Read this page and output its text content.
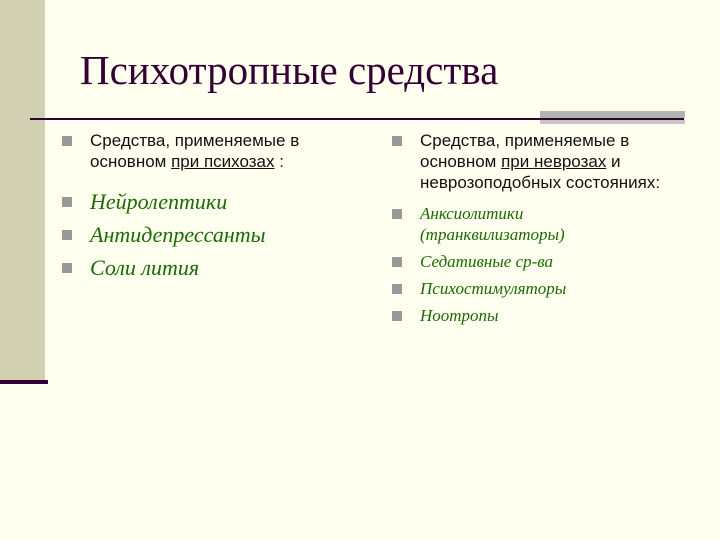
Психотропные средства
Средства, применяемые в основном при психозах :
Нейролептики
Антидепрессанты
Соли лития
Средства, применяемые в основном при неврозах и неврозоподобных состояниях:
Анксиолитики (транквилизаторы)
Седативные ср-ва
Психостимуляторы
Ноотропы
